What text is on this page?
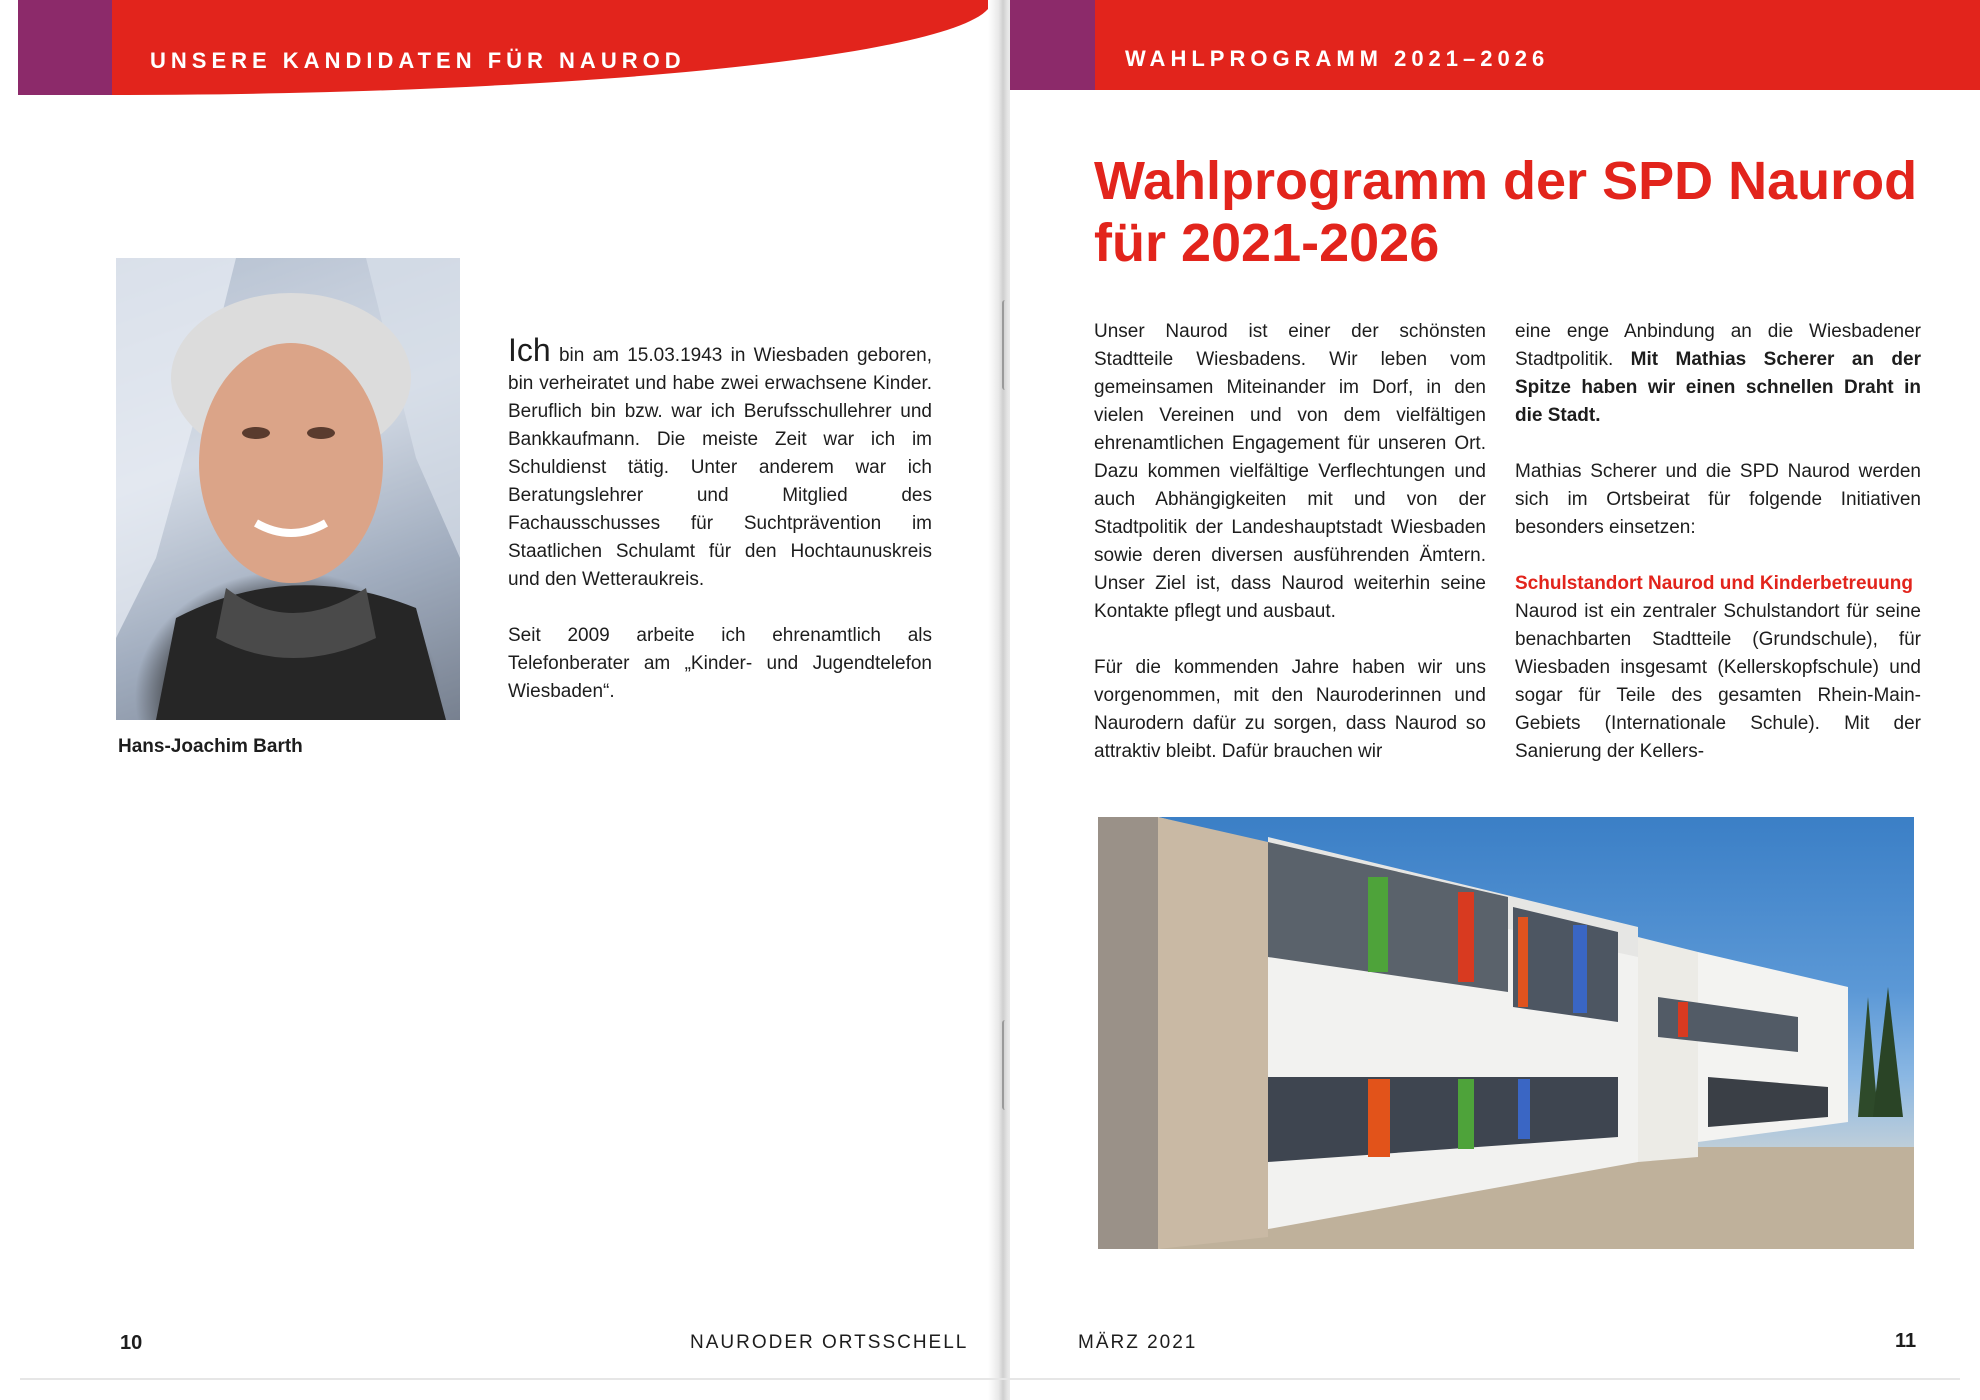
UNSERE KANDIDATEN FÜR NAUROD
Hans-Joachim Barth

Ich bin am 15.03.1943 in Wiesbaden geboren, bin verheiratet und habe zwei erwachsene Kinder. Beruflich bin bzw. war ich Berufsschullehrer und Bankkaufmann. Die meiste Zeit war ich im Schuldienst tätig. Unter anderem war ich Beratungslehrer und Mitglied des Fachausschusses für Suchtprävention im Staatlichen Schulamt für den Hochtaunuskreis und den Wetteraukreis.

Seit 2009 arbeite ich ehrenamtlich als Telefonberater am „Kinder- und Jugendtelefon Wiesbaden“.

10	NAURODER ORTSSCHELL
WAHLPROGRAMM 2021–2026
Wahlprogramm der SPD Naurod
für 2021-2026

Unser Naurod ist einer der schönsten Stadtteile Wiesbadens. Wir leben vom gemeinsamen Miteinander im Dorf, in den vielen Vereinen und von dem vielfältigen ehrenamtlichen Engagement für unseren Ort. Dazu kommen vielfältige Verflechtungen und auch Abhängigkeiten mit und von der Stadtpolitik der Landeshauptstadt Wiesbaden sowie deren diversen ausführenden Ämtern. Unser Ziel ist, dass Naurod weiterhin seine Kontakte pflegt und ausbaut.

Für die kommenden Jahre haben wir uns vorgenommen, mit den Nauroderinnen und Naurodern dafür zu sorgen, dass Naurod so attraktiv bleibt. Dafür brauchen wir

eine enge Anbindung an die Wiesbadener Stadtpolitik. Mit Mathias Scherer an der Spitze haben wir einen schnellen Draht in die Stadt.

Mathias Scherer und die SPD Naurod werden sich im Ortsbeirat für folgende Initiativen besonders einsetzen:

Schulstandort Naurod und Kinderbetreuung

Naurod ist ein zentraler Schulstandort für seine benachbarten Stadtteile (Grundschule), für Wiesbaden insgesamt (Kellerskopfschule) und sogar für Teile des gesamten Rhein-Main-Gebiets (Internationale Schule). Mit der Sanierung der Kellers-

MÄRZ 2021	11
